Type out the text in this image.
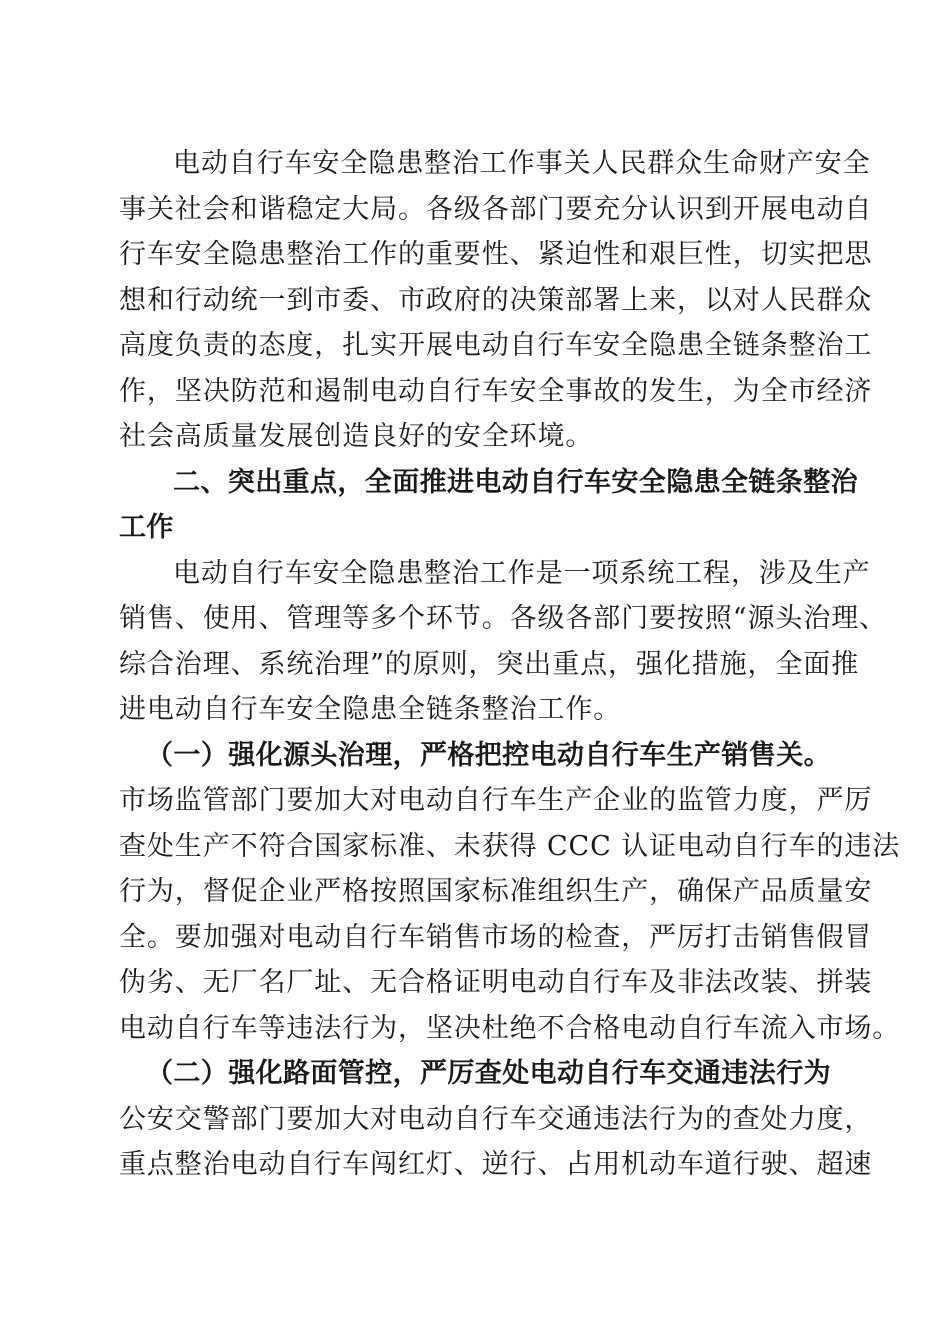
电动自行车安全隐患整治工作事关人民群众生命财产安全
事关社会和谐稳定大局。各级各部门要充分认识到开展电动自
行车安全隐患整治工作的重要性、紧迫性和艰巨性，切实把思
想和行动统一到市委、市政府的决策部署上来，以对人民群众
高度负责的态度，扎实开展电动自行车安全隐患全链条整治工
作，坚决防范和遏制电动自行车安全事故的发生，为全市经济
社会高质量发展创造良好的安全环境。
二、突出重点，全面推进电动自行车安全隐患全链条整治
工作
电动自行车安全隐患整治工作是一项系统工程，涉及生产
销售、使用、管理等多个环节。各级各部门要按照“源头治理、
综合治理、系统治理”的原则，突出重点，强化措施，全面推
进电动自行车安全隐患全链条整治工作。
（一）强化源头治理，严格把控电动自行车生产销售关。
市场监管部门要加大对电动自行车生产企业的监管力度，严厉
查处生产不符合国家标准、未获得 CCC 认证电动自行车的违法
行为，督促企业严格按照国家标准组织生产，确保产品质量安
全。要加强对电动自行车销售市场的检查，严厉打击销售假冒
伪劣、无厂名厂址、无合格证明电动自行车及非法改装、拼装
电动自行车等违法行为，坚决杜绝不合格电动自行车流入市场。
（二）强化路面管控，严厉查处电动自行车交通违法行为
公安交警部门要加大对电动自行车交通违法行为的查处力度，
重点整治电动自行车闯红灯、逆行、占用机动车道行驶、超速
